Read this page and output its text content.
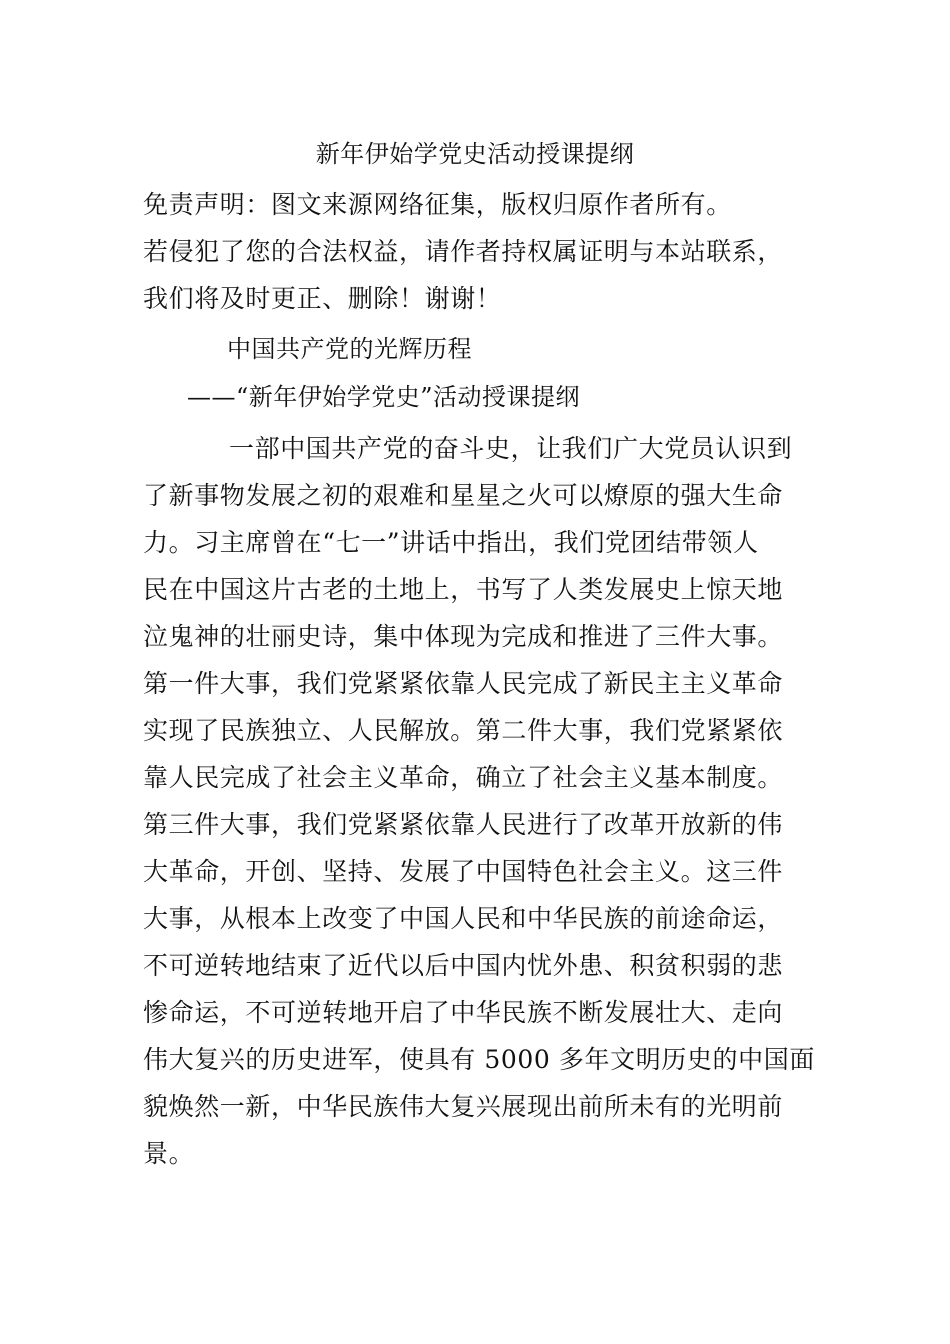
新年伊始学党史活动授课提纲
免责声明：图文来源网络征集，版权归原作者所有。
若侵犯了您的合法权益，请作者持权属证明与本站联系，
我们将及时更正、删除！谢谢！
中国共产党的光辉历程
——“新年伊始学党史”活动授课提纲
一部中国共产党的奋斗史，让我们广大党员认识到
了新事物发展之初的艰难和星星之火可以燎原的强大生命
力。习主席曾在“七一”讲话中指出，我们党团结带领人
民在中国这片古老的土地上，书写了人类发展史上惊天地
泣鬼神的壮丽史诗，集中体现为完成和推进了三件大事。
第一件大事，我们党紧紧依靠人民完成了新民主主义革命
实现了民族独立、人民解放。第二件大事，我们党紧紧依
靠人民完成了社会主义革命，确立了社会主义基本制度。
第三件大事，我们党紧紧依靠人民进行了改革开放新的伟
大革命，开创、坚持、发展了中国特色社会主义。这三件
大事，从根本上改变了中国人民和中华民族的前途命运，
不可逆转地结束了近代以后中国内忧外患、积贫积弱的悲
惨命运，不可逆转地开启了中华民族不断发展壮大、走向
伟大复兴的历史进军，使具有 5000 多年文明历史的中国面
貌焕然一新，中华民族伟大复兴展现出前所未有的光明前
景。
